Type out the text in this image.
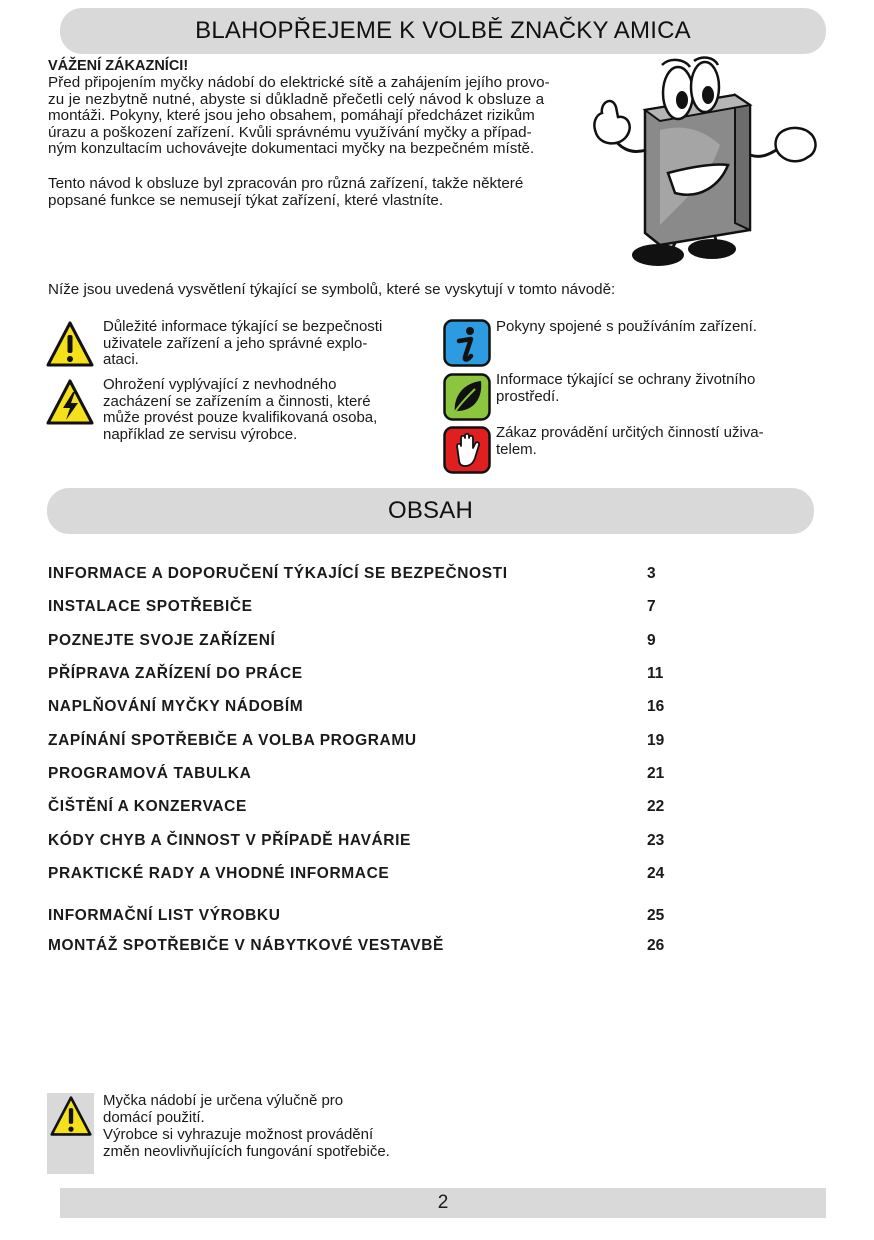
BLAHOPŘEJEME K VOLBĚ ZNAČKY AMICA
VÁŽENÍ ZÁKAZNÍCI!
Před připojením myčky nádobí do elektrické sítě a zahájením jejího provo-
zu je nezbytně nutné, abyste si důkladně přečetli celý návod k obsluze a
montáži. Pokyny, které jsou jeho obsahem, pomáhají předcházet rizikům
úrazu a poškození zařízení. Kvůli správnému využívání myčky a případ-
ným konzultacím uchovávejte dokumentaci myčky na bezpečném místě.
Tento návod k obsluze byl zpracován pro různá zařízení, takže některé
popsané funkce se nemusejí týkat zařízení, které vlastníte.
Níže jsou uvedená vysvětlení týkající se symbolů, které se vyskytují v tomto návodě:
Důležité informace týkající se bezpečnosti
uživatele zařízení a jeho správné explo-
ataci.
Ohrožení vyplývající z nevhodného
zacházení se zařízením a činnosti, které
může provést pouze kvalifikovaná osoba,
například ze servisu výrobce.
Pokyny spojené s používáním zařízení.
Informace týkající se ochrany životního
prostředí.
Zákaz provádění určitých činností uživa-
telem.
OBSAH
INFORMACE A DOPORUČENÍ TÝKAJÍCÍ SE BEZPEČNOSTI	3
INSTALACE SPOTŘEBIČE	7
POZNEJTE SVOJE ZAŘÍZENÍ	9
PŘÍPRAVA ZAŘÍZENÍ DO PRÁCE	11
NAPLŇOVÁNÍ MYČKY NÁDOBÍM	16
ZAPÍNÁNÍ SPOTŘEBIČE A VOLBA PROGRAMU	19
PROGRAMOVÁ TABULKA	21
ČIŠTĚNÍ A KONZERVACE	22
KÓDY CHYB A ČINNOST V PŘÍPADĚ HAVÁRIE	23
PRAKTICKÉ RADY A VHODNÉ INFORMACE	24
INFORMAČNÍ LIST VÝROBKU	25
MONTÁŽ SPOTŘEBIČE V NÁBYTKOVÉ VESTAVBĚ	26
Myčka nádobí je určena výlučně pro
domácí použití.
Výrobce si vyhrazuje možnost provádění
změn neovlivňujících fungování spotřebiče.
2
